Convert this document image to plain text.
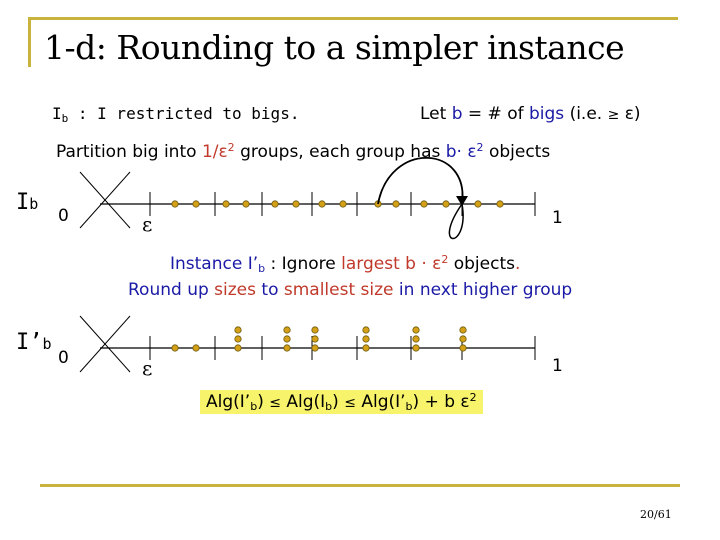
1-d: Rounding to a simpler instance
Ib : I restricted to bigs.	Let b = # of bigs (i.e. ≥ ε)
Partition big into $1/\varepsilon^2$ groups, each group has $b\cdot \varepsilon^2$ objects
Ib
0	ε	1
Instance I’b : Ignore largest $b \cdot \varepsilon^2$ objects.
Round up sizes to smallest size in next higher group
I’b
0	ε	1
Alg(I’b) ≤ Alg(Ib) ≤ Alg(I’b) + b $\varepsilon^2$
20/61
